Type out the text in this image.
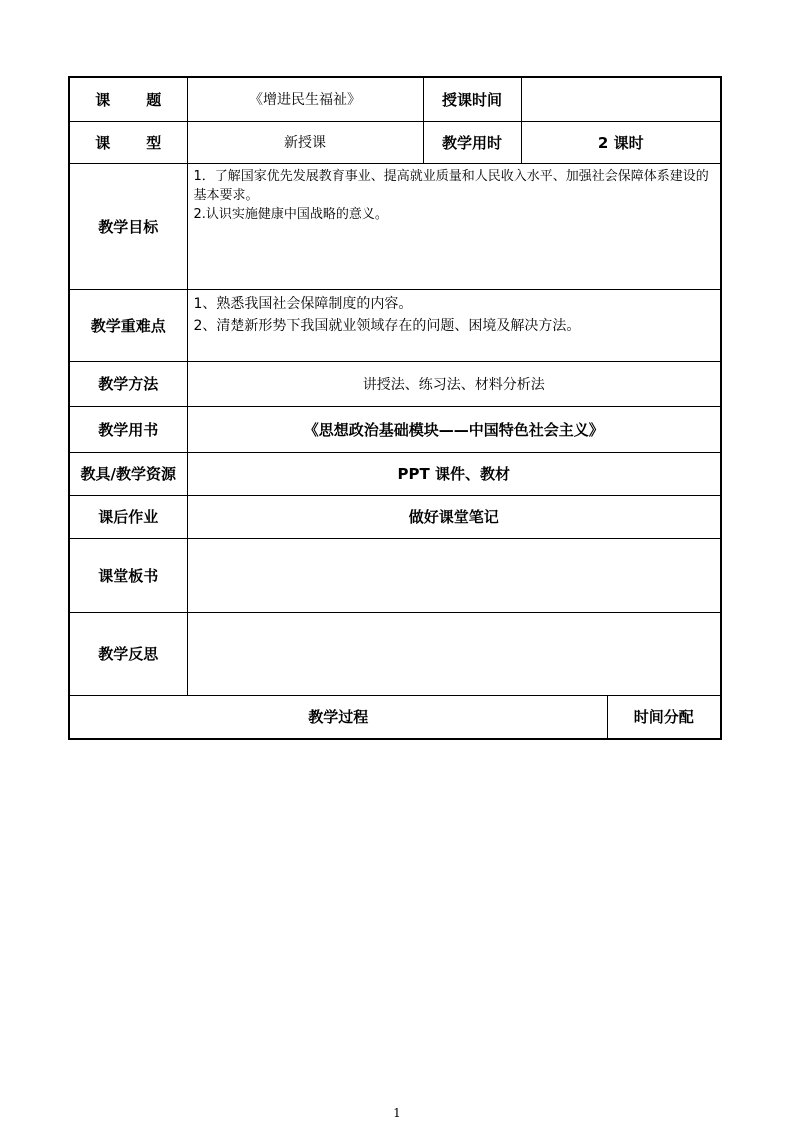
课 题	《增进民生福祉》	授课时间		
课 型	新授课	教学用时	2 课时	
教学目标	1．了解国家优先发展教育事业、提高就业质量和人民收入水平、加强社会保障体系建设的基本要求。
2.认识实施健康中国战略的意义。			

教学重难点	1、熟悉我国社会保障制度的内容。
2、清楚新形势下我国就业领域存在的问题、困境及解决方法。			

教学方法	讲授法、练习法、材料分析法			
教学用书	《思想政治基础模块——中国特色社会主义》			
教具/教学资源	PPT 课件、教材			
课后作业	做好课堂笔记			
课堂板书				
教学反思				
教学过程				时间分配
1
